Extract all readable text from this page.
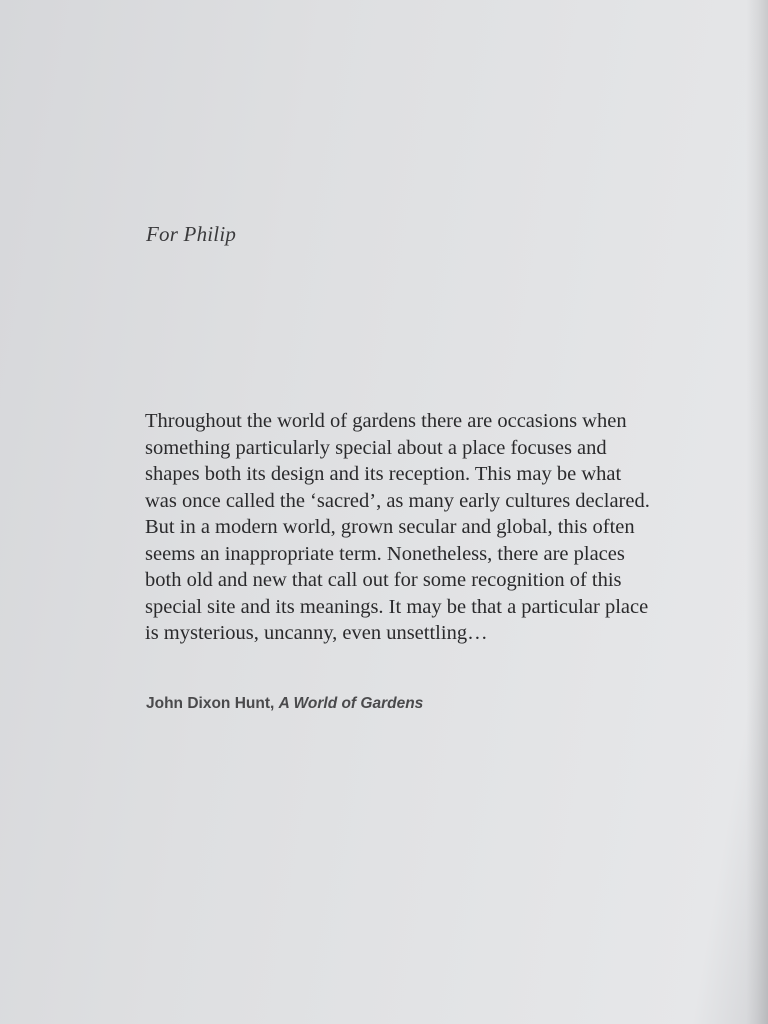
For Philip
Throughout the world of gardens there are occasions when
something particularly special about a place focuses and
shapes both its design and its reception. This may be what
was once called the ‘sacred’, as many early cultures declared.
But in a modern world, grown secular and global, this often
seems an inappropriate term. Nonetheless, there are places
both old and new that call out for some recognition of this
special site and its meanings. It may be that a particular place
is mysterious, uncanny, even unsettling…
John Dixon Hunt, A World of Gardens
